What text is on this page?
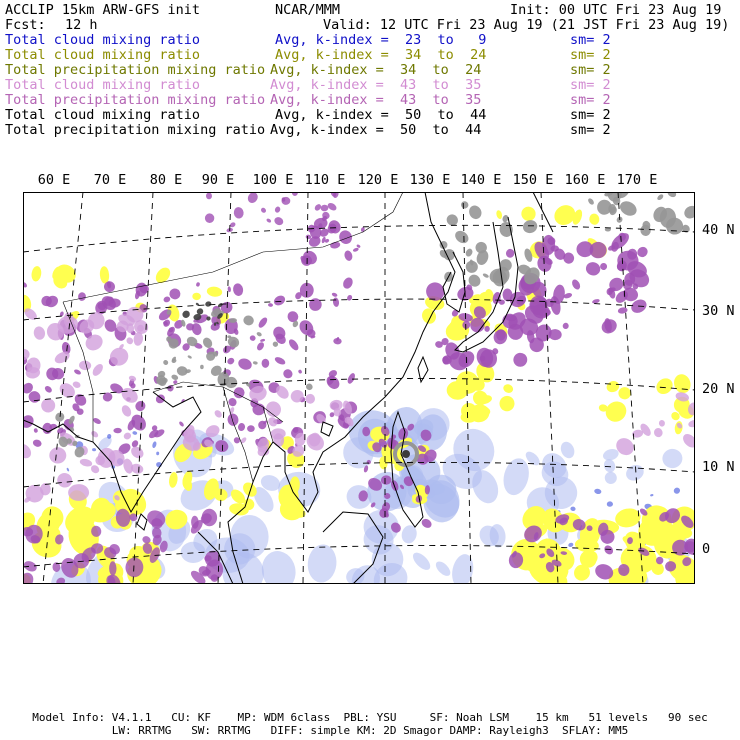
ACCLIP 15km ARW-GFS init	NCAR/MMM	Init: 00 UTC Fri 23 Aug 19
Fcst: 12 h	Valid: 12 UTC Fri 23 Aug 19 (21 JST Fri 23 Aug 19)
Total cloud mixing ratio	Avg, k-index =  23  to   9	sm= 2
Total cloud mixing ratio	Avg, k-index =  34  to  24	sm= 2
Total precipitation mixing ratio Avg, k-index =  34  to  24	sm= 2
Total cloud mixing ratio	Avg, k-index =  43  to  35	sm= 2
Total precipitation mixing ratio Avg, k-index =  43  to  35	sm= 2
Total cloud mixing ratio	Avg, k-index =  50  to  44	sm= 2
Total precipitation mixing ratio Avg, k-index =  50  to  44	sm= 2
60 E 70 E 80 E 90 E 100 E 110 E 120 E 130 E 140 E 150 E 160 E 170 E
40 N
30 N
20 N
10 N
0
Model Info: V4.1.1   CU: KF    MP: WDM 6class  PBL: YSU     SF: Noah LSM    15 km   51 levels   90 sec
LW: RRTMG   SW: RRTMG   DIFF: simple KM: 2D Smagor DAMP: Rayleigh3  SFLAY: MM5
